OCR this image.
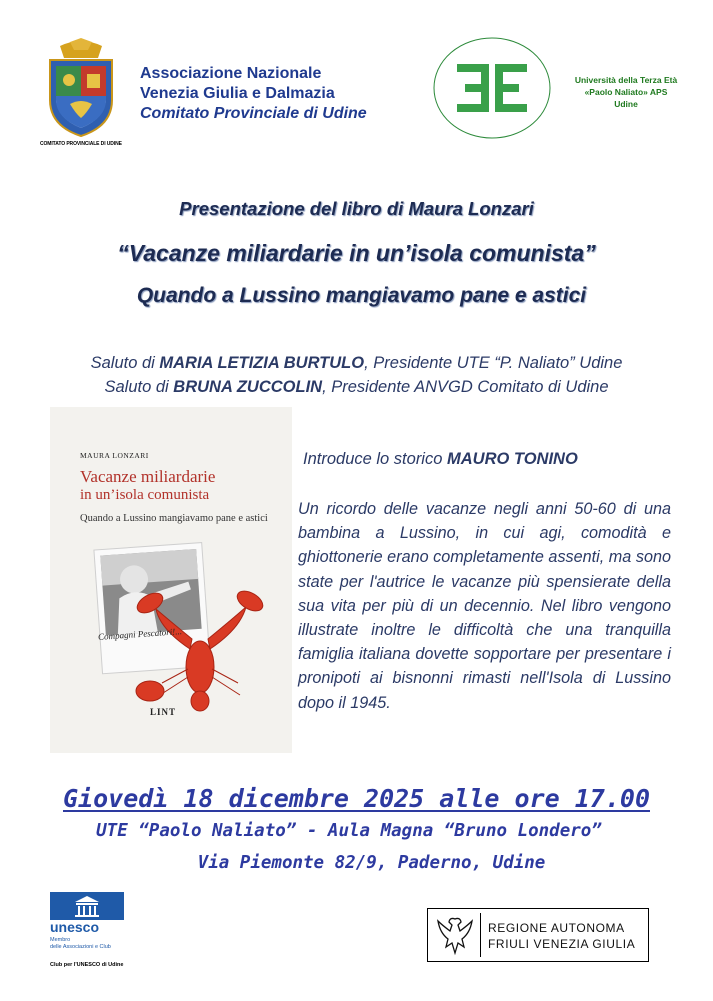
COMITATO PROVINCIALE DI UDINE
Associazione Nazionale
Venezia Giulia e Dalmazia
Comitato Provinciale di Udine
Università della Terza Età
«Paolo Naliato» APS
Udine
Presentazione del libro di Maura Lonzari
“Vacanze miliardarie in un’isola comunista”
Quando a Lussino mangiavamo pane e astici
Saluto di MARIA LETIZIA BURTULO, Presidente UTE “P. Naliato” Udine
Saluto di BRUNA ZUCCOLIN, Presidente ANVGD Comitato di Udine
MAURA LONZARI
Vacanze miliardarie
in un’isola comunista
Quando a Lussino mangiavamo pane e astici
Compagni Pescatori!...
LINT
Introduce lo storico MAURO TONINO
Un ricordo delle vacanze negli anni 50-60 di una bambina a Lussino, in cui agi, comodità e ghiottonerie erano completamente assenti, ma sono state per l'autrice le vacanze più spensierate della sua vita per più di un decennio. Nel libro vengono illustrate inoltre le difficoltà che una tranquilla famiglia italiana dovette sopportare per presentare i pronipoti ai bisnonni rimasti nell'Isola di Lussino dopo il 1945.
Giovedì 18 dicembre 2025 alle ore 17.00
UTE “Paolo Naliato” - Aula Magna “Bruno Londero”
Via Piemonte 82/9, Paderno, Udine
unesco
Membro
delle Associazioni e Club
Club per l'UNESCO di Udine
REGIONE AUTONOMA
FRIULI VENEZIA GIULIA
